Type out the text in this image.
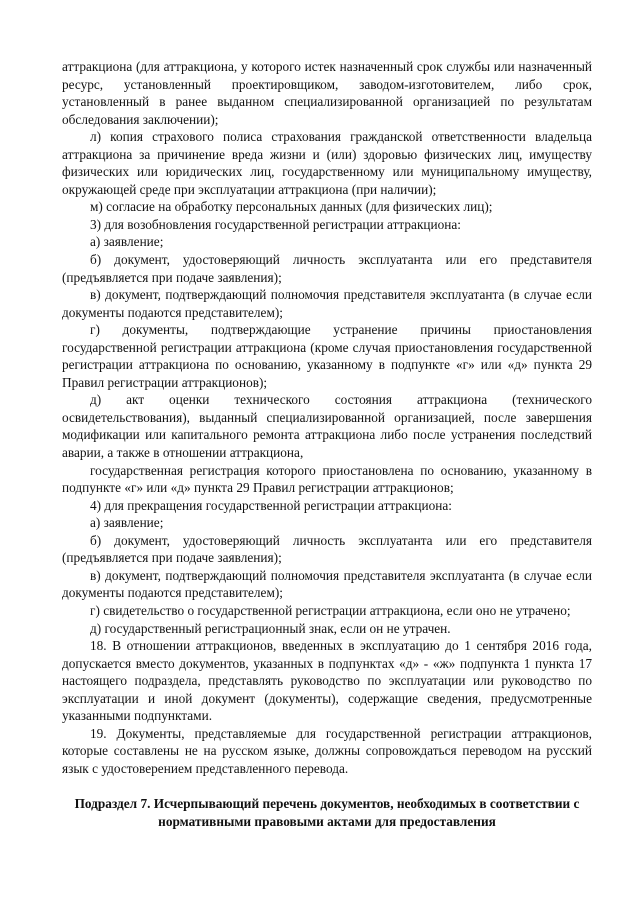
аттракциона (для аттракциона, у которого истек назначенный срок службы или назначенный ресурс, установленный проектировщиком, заводом-изготовителем, либо срок, установленный в ранее выданном специализированной организацией по результатам обследования заключении);

л) копия страхового полиса страхования гражданской ответственности владельца аттракциона за причинение вреда жизни и (или) здоровью физических лиц, имуществу физических или юридических лиц, государственному или муниципальному имуществу, окружающей среде при эксплуатации аттракциона (при наличии);

м) согласие на обработку персональных данных (для физических лиц);

3) для возобновления государственной регистрации аттракциона:

а) заявление;

б) документ, удостоверяющий личность эксплуатанта или его представителя (предъявляется при подаче заявления);

в) документ, подтверждающий полномочия представителя эксплуатанта (в случае если документы подаются представителем);

г) документы, подтверждающие устранение причины приостановления государственной регистрации аттракциона (кроме случая приостановления государственной регистрации аттракциона по основанию, указанному в подпункте «г» или «д» пункта 29 Правил регистрации аттракционов);

д) акт оценки технического состояния аттракциона (технического освидетельствования), выданный специализированной организацией, после завершения модификации или капитального ремонта аттракциона либо после устранения последствий аварии, а также в отношении аттракциона,

государственная регистрация которого приостановлена по основанию, указанному в подпункте «г» или «д» пункта 29 Правил регистрации аттракционов;

4) для прекращения государственной регистрации аттракциона:

а) заявление;

б) документ, удостоверяющий личность эксплуатанта или его представителя (предъявляется при подаче заявления);

в) документ, подтверждающий полномочия представителя эксплуатанта (в случае если документы подаются представителем);

г) свидетельство о государственной регистрации аттракциона, если оно не утрачено;

д) государственный регистрационный знак, если он не утрачен.

18. В отношении аттракционов, введенных в эксплуатацию до 1 сентября 2016 года, допускается вместо документов, указанных в подпунктах «д» - «ж» подпункта 1 пункта 17 настоящего подраздела, представлять руководство по эксплуатации или руководство по эксплуатации и иной документ (документы), содержащие сведения, предусмотренные указанными подпунктами.

19. Документы, представляемые для государственной регистрации аттракционов, которые составлены не на русском языке, должны сопровождаться переводом на русский язык с удостоверением представленного перевода.

Подраздел 7. Исчерпывающий перечень документов, необходимых в соответствии с нормативными правовыми актами для предоставления
